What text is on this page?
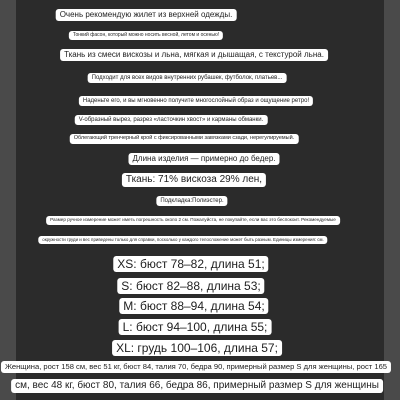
Очень рекомендую жилет из верхней одежды.
Тонкий фасон, который можно носить весной, летом и осенью!
Ткань из смеси вискозы и льна, мягкая и дышащая, с текстурой льна.
Подходит для всех видов внутренних рубашек, футболок, платьев...
Наденьте его, и вы мгновенно получите многослойный образ и ощущение ретро!
V-образный вырез, разрез «ласточкин хвост» и карманы обманки.
Облегающий тренчерный крой с фиксированными завязками сзади, нерегулируемый.
Длина изделия — примерно до бедер.
Ткань: 71% вискоза 29% лен,
Подкладка:Полиэстер.
Размер ручное измерение может иметь погрешность около 2 см. Пожалуйста, не покупайте, если вас это беспокоит. Рекомендуемые
окружности груди и веc приведены только для справки, посколько у каждого телосложение может быть разным. Единицы измерения: см.
XS: бюст 78–82, длина 51;
S: бюст 82–88, длина 53;
M: бюст 88–94, длина 54;
L: бюст 94–100, длина 55;
XL: грудь 100–106, длина 57;
Женщина, рост 158 см, вес 51 кг, бюст 84, талия 70, бедра 90, примерный размер S для женщины, рост 165
см, вес 48 кг, бюст 80, талия 66, бедра 86, примерный размер S для женщины
